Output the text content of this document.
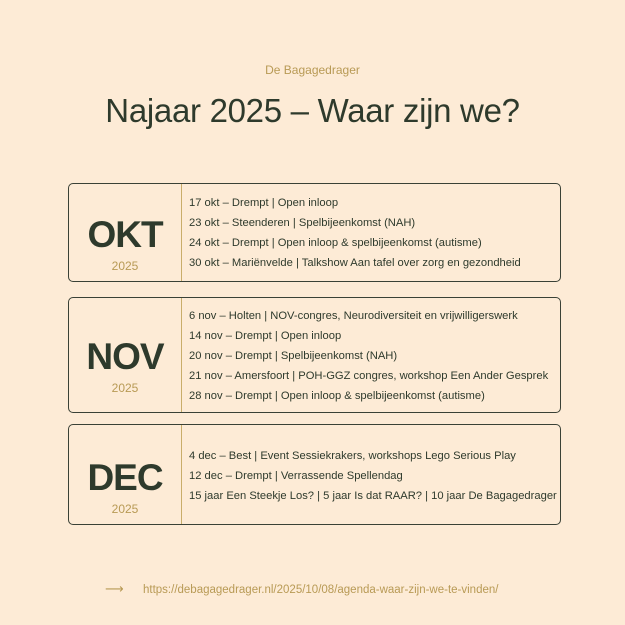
De Bagagedrager
Najaar 2025 – Waar zijn we?
OKT
2025
17 okt – Drempt | Open inloop
23 okt – Steenderen | Spelbijeenkomst (NAH)
24 okt – Drempt | Open inloop & spelbijeenkomst (autisme)
30 okt – Mariënvelde | Talkshow Aan tafel over zorg en gezondheid
NOV
2025
6 nov – Holten | NOV-congres, Neurodiversiteit en vrijwilligerswerk
14 nov – Drempt | Open inloop
20 nov – Drempt | Spelbijeenkomst (NAH)
21 nov – Amersfoort | POH-GGZ congres, workshop Een Ander Gesprek
28 nov – Drempt | Open inloop & spelbijeenkomst (autisme)
DEC
2025
4 dec – Best | Event Sessiekrakers, workshops Lego Serious Play
12 dec – Drempt | Verrassende Spellendag
15 jaar Een Steekje Los? | 5 jaar Is dat RAAR? | 10 jaar De Bagagedrager
⟶ https://debagagedrager.nl/2025/10/08/agenda-waar-zijn-we-te-vinden/
